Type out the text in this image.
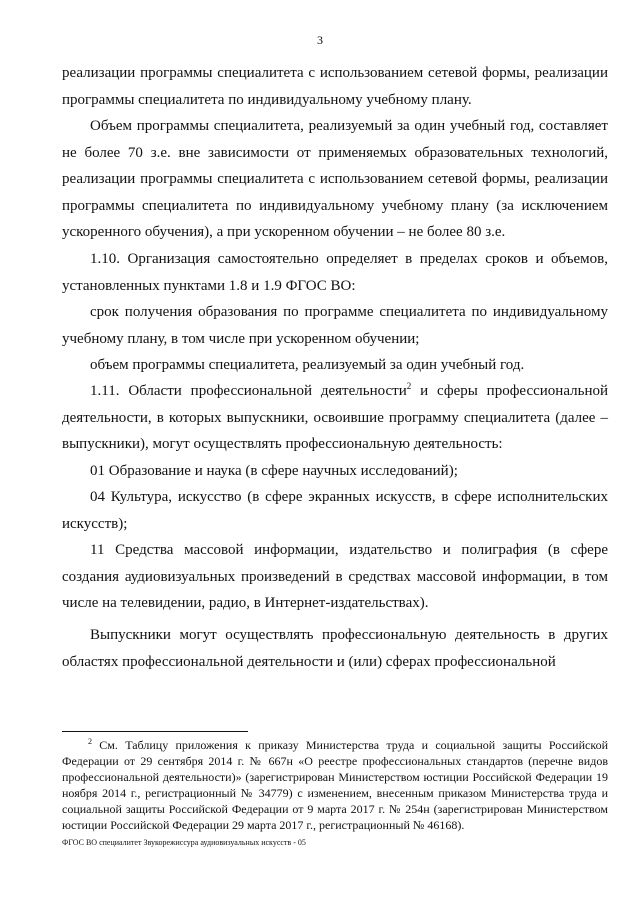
3

реализации программы специалитета с использованием сетевой формы, реализации программы специалитета по индивидуальному учебному плану.

Объем программы специалитета, реализуемый за один учебный год, составляет не более 70 з.е. вне зависимости от применяемых образовательных технологий, реализации программы специалитета с использованием сетевой формы, реализации программы специалитета по индивидуальному учебному плану (за исключением ускоренного обучения), а при ускоренном обучении – не более 80 з.е.

1.10. Организация самостоятельно определяет в пределах сроков и объемов, установленных пунктами 1.8 и 1.9 ФГОС ВО:

срок получения образования по программе специалитета по индивидуальному учебному плану, в том числе при ускоренном обучении;

объем программы специалитета, реализуемый за один учебный год.

1.11. Области профессиональной деятельности$^2$ и сферы профессиональной деятельности, в которых выпускники, освоившие программу специалитета (далее – выпускники), могут осуществлять профессиональную деятельность:

01 Образование и наука (в сфере научных исследований);

04 Культура, искусство (в сфере экранных искусств, в сфере исполнительских искусств);

11 Средства массовой информации, издательство и полиграфия (в сфере создания аудиовизуальных произведений в средствах массовой информации, в том числе на телевидении, радио, в Интернет-издательствах).

Выпускники могут осуществлять профессиональную деятельность в других областях профессиональной деятельности и (или) сферах профессиональной

$^2$ См. Таблицу приложения к приказу Министерства труда и социальной защиты Российской Федерации от 29 сентября 2014 г. № 667н «О реестре профессиональных стандартов (перечне видов профессиональной деятельности)» (зарегистрирован Министерством юстиции Российской Федерации 19 ноября 2014 г., регистрационный № 34779) с изменением, внесенным приказом Министерства труда и социальной защиты Российской Федерации от 9 марта 2017 г. № 254н (зарегистрирован Министерством юстиции Российской Федерации 29 марта 2017 г., регистрационный № 46168).

ФГОС ВО специалитет Звукорежиссура аудиовизуальных искусств - 05
